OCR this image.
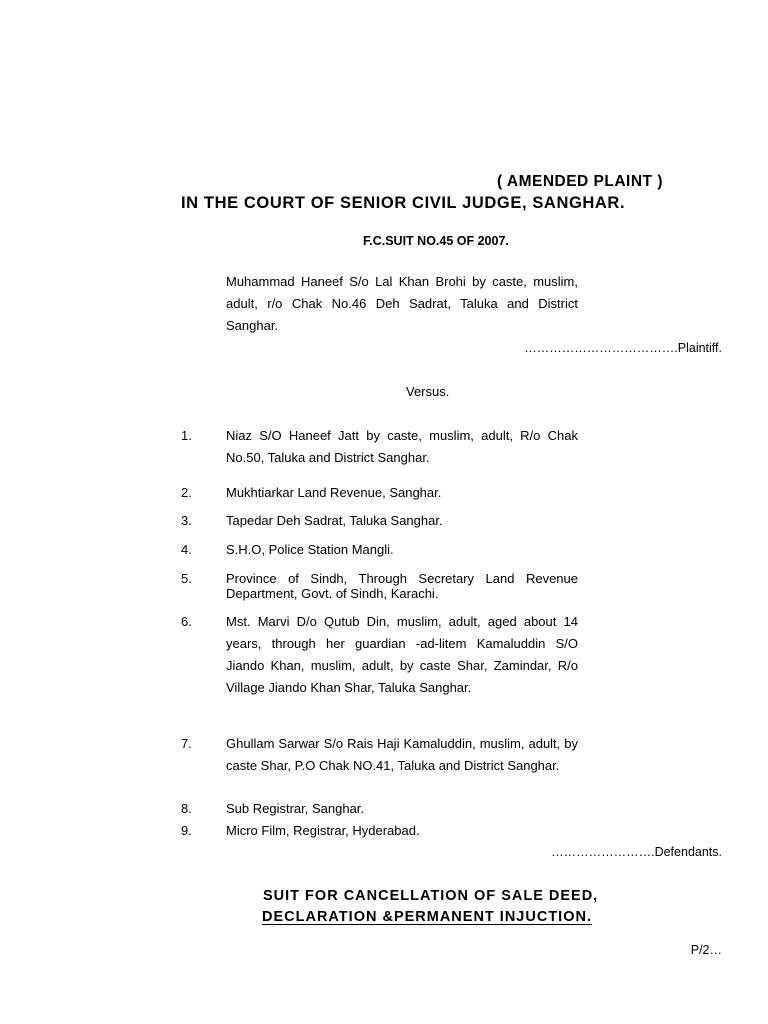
( AMENDED PLAINT )
IN THE COURT OF SENIOR CIVIL JUDGE, SANGHAR.
F.C.SUIT NO.45 OF 2007.
Muhammad Haneef S/o Lal Khan Brohi by caste, muslim, adult, r/o Chak No.46 Deh Sadrat, Taluka and District Sanghar.
……………………………….Plaintiff.
Versus.
1.	Niaz S/O Haneef Jatt by caste, muslim, adult, R/o Chak No.50, Taluka and District Sanghar.
2.	Mukhtiarkar Land Revenue, Sanghar.
3.	Tapedar Deh Sadrat, Taluka Sanghar.
4.	S.H.O, Police Station Mangli.
5.	Province of Sindh, Through Secretary Land Revenue Department, Govt. of Sindh, Karachi.
6.	Mst. Marvi D/o Qutub Din, muslim, adult, aged about 14 years, through her guardian -ad-litem Kamaluddin S/O Jiando Khan, muslim, adult, by caste Shar, Zamindar, R/o Village Jiando Khan Shar, Taluka Sanghar.
7.	Ghullam Sarwar S/o Rais Haji Kamaluddin, muslim, adult, by caste Shar, P.O Chak NO.41, Taluka and District Sanghar.
8.	Sub Registrar, Sanghar.
9.	Micro Film, Registrar, Hyderabad.
…………………….Defendants.
SUIT FOR CANCELLATION OF SALE DEED,
DECLARATION &PERMANENT INJUCTION.
P/2…
